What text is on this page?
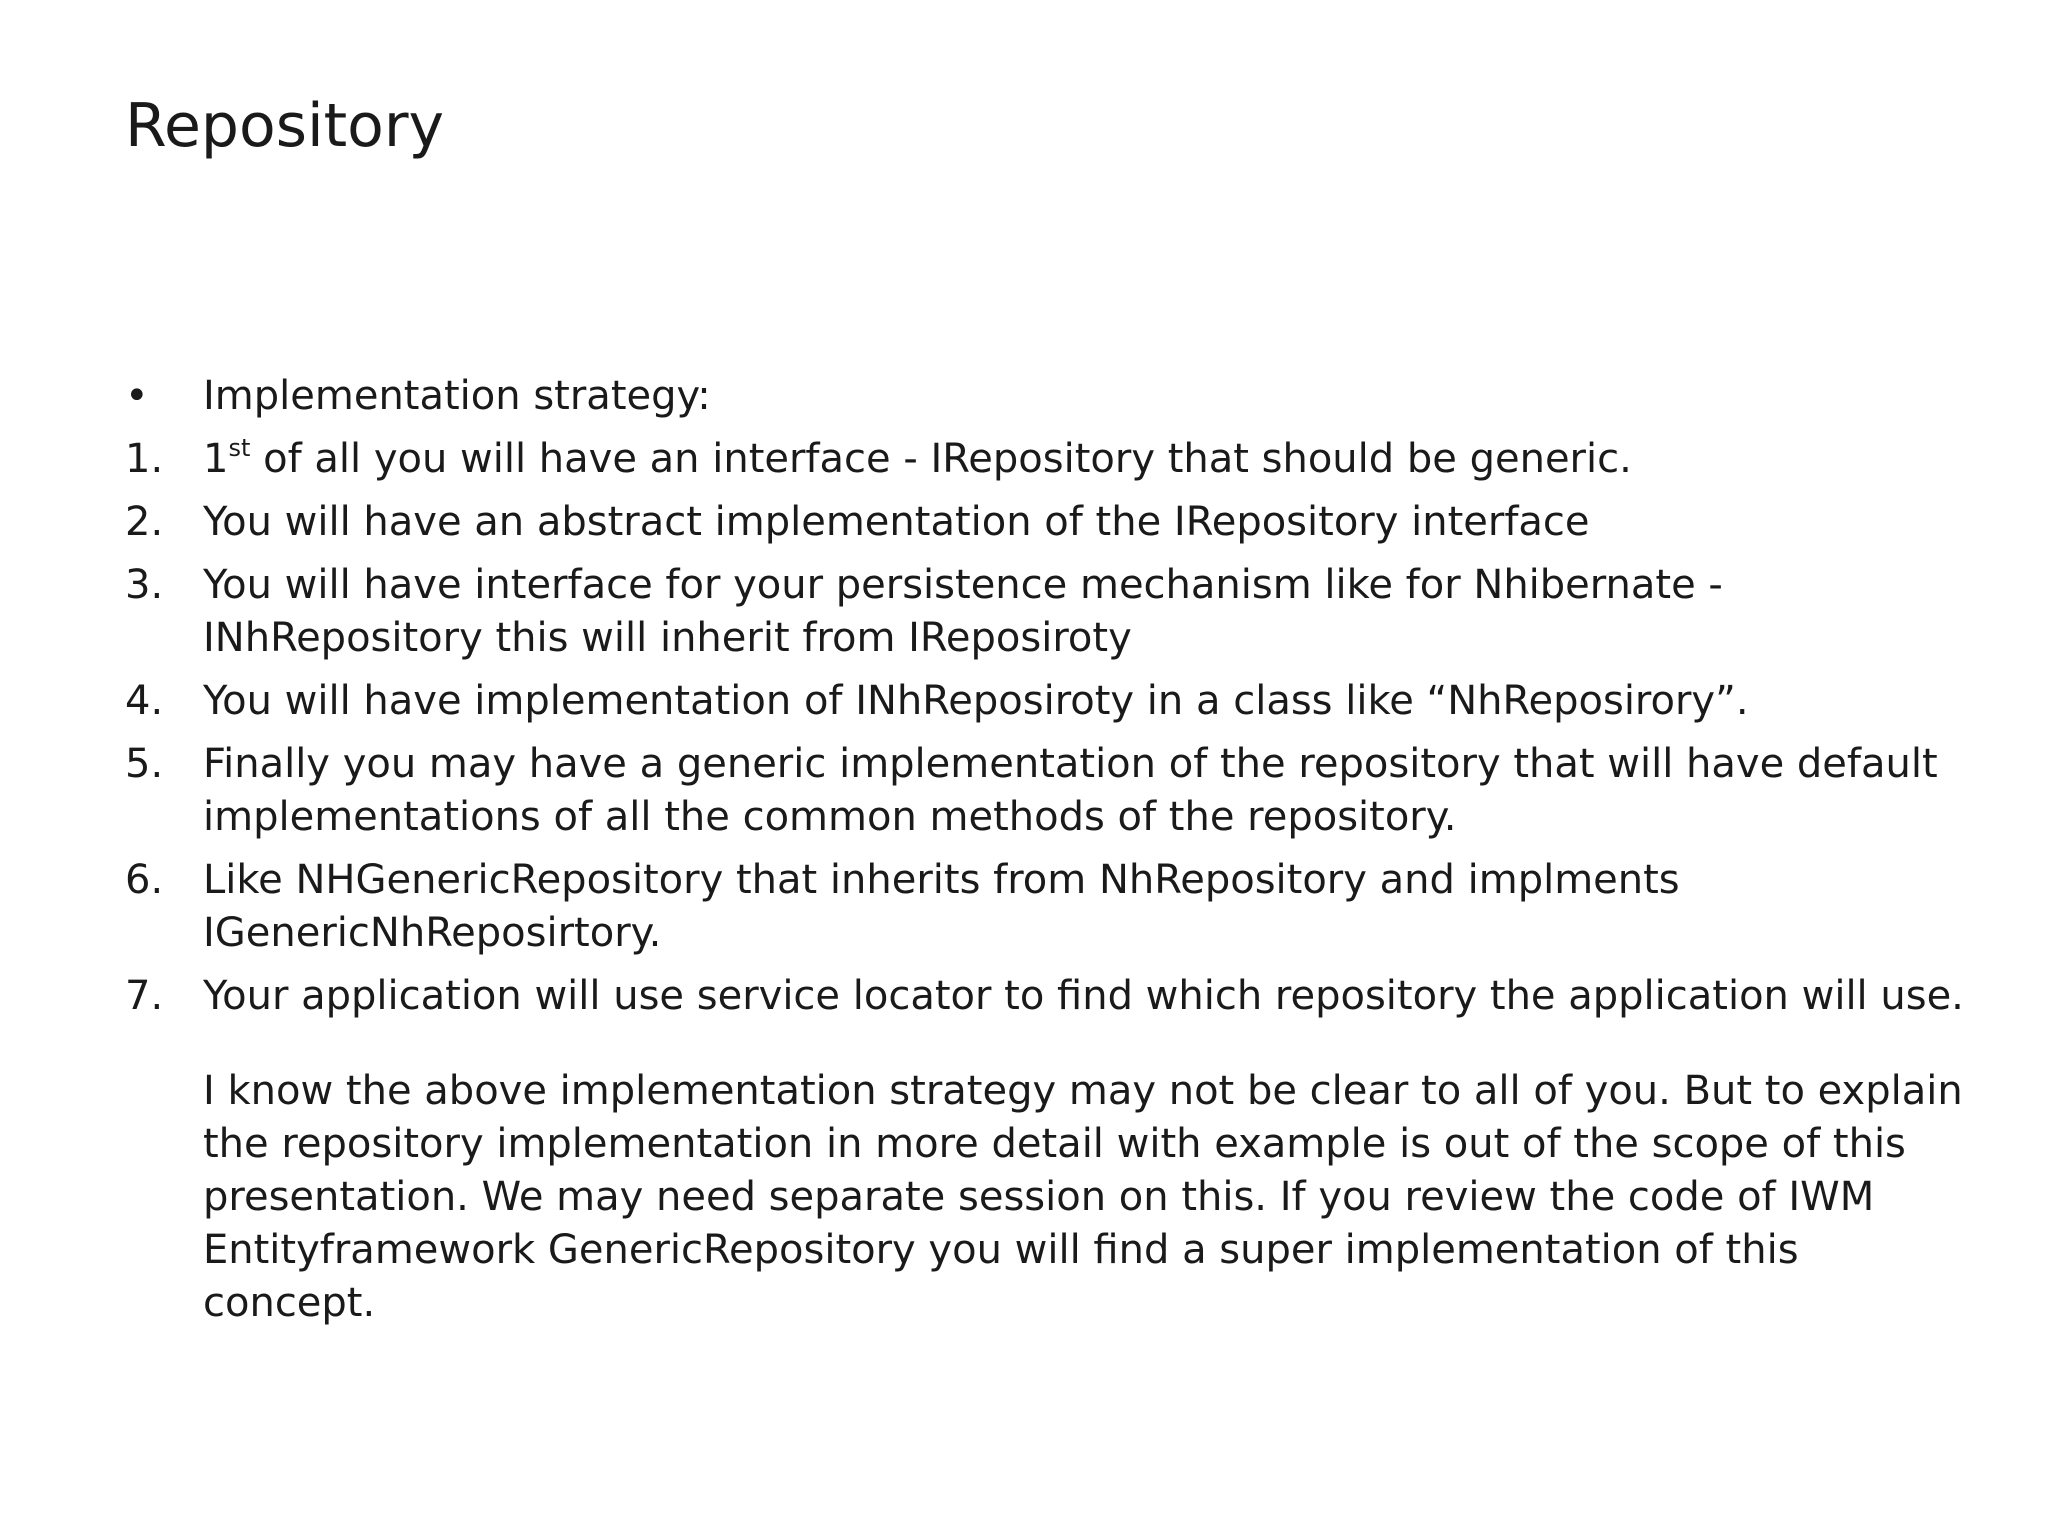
Repository
•	Implementation strategy:
1. 1st of all you will have an interface - IRepository that should be generic.
2. You will have an abstract implementation of the IRepository interface
3. You will have interface for your persistence mechanism like for Nhibernate - INhRepository this will inherit from IReposiroty
4. You will have implementation of INhReposiroty in a class like “NhReposirory”.
5. Finally you may have a generic implementation of the repository that will have default implementations of all the common methods of the repository.
6. Like NHGenericRepository that inherits from NhRepository and implments IGenericNhReposirtory.
7. Your application will use service locator to find which repository the application will use.
I know the above implementation strategy may not be clear to all of you. But to explain the repository implementation in more detail with example is out of the scope of this presentation. We may need separate session on this. If you review the code of IWM Entityframework GenericRepository you will find a super implementation of this concept.
